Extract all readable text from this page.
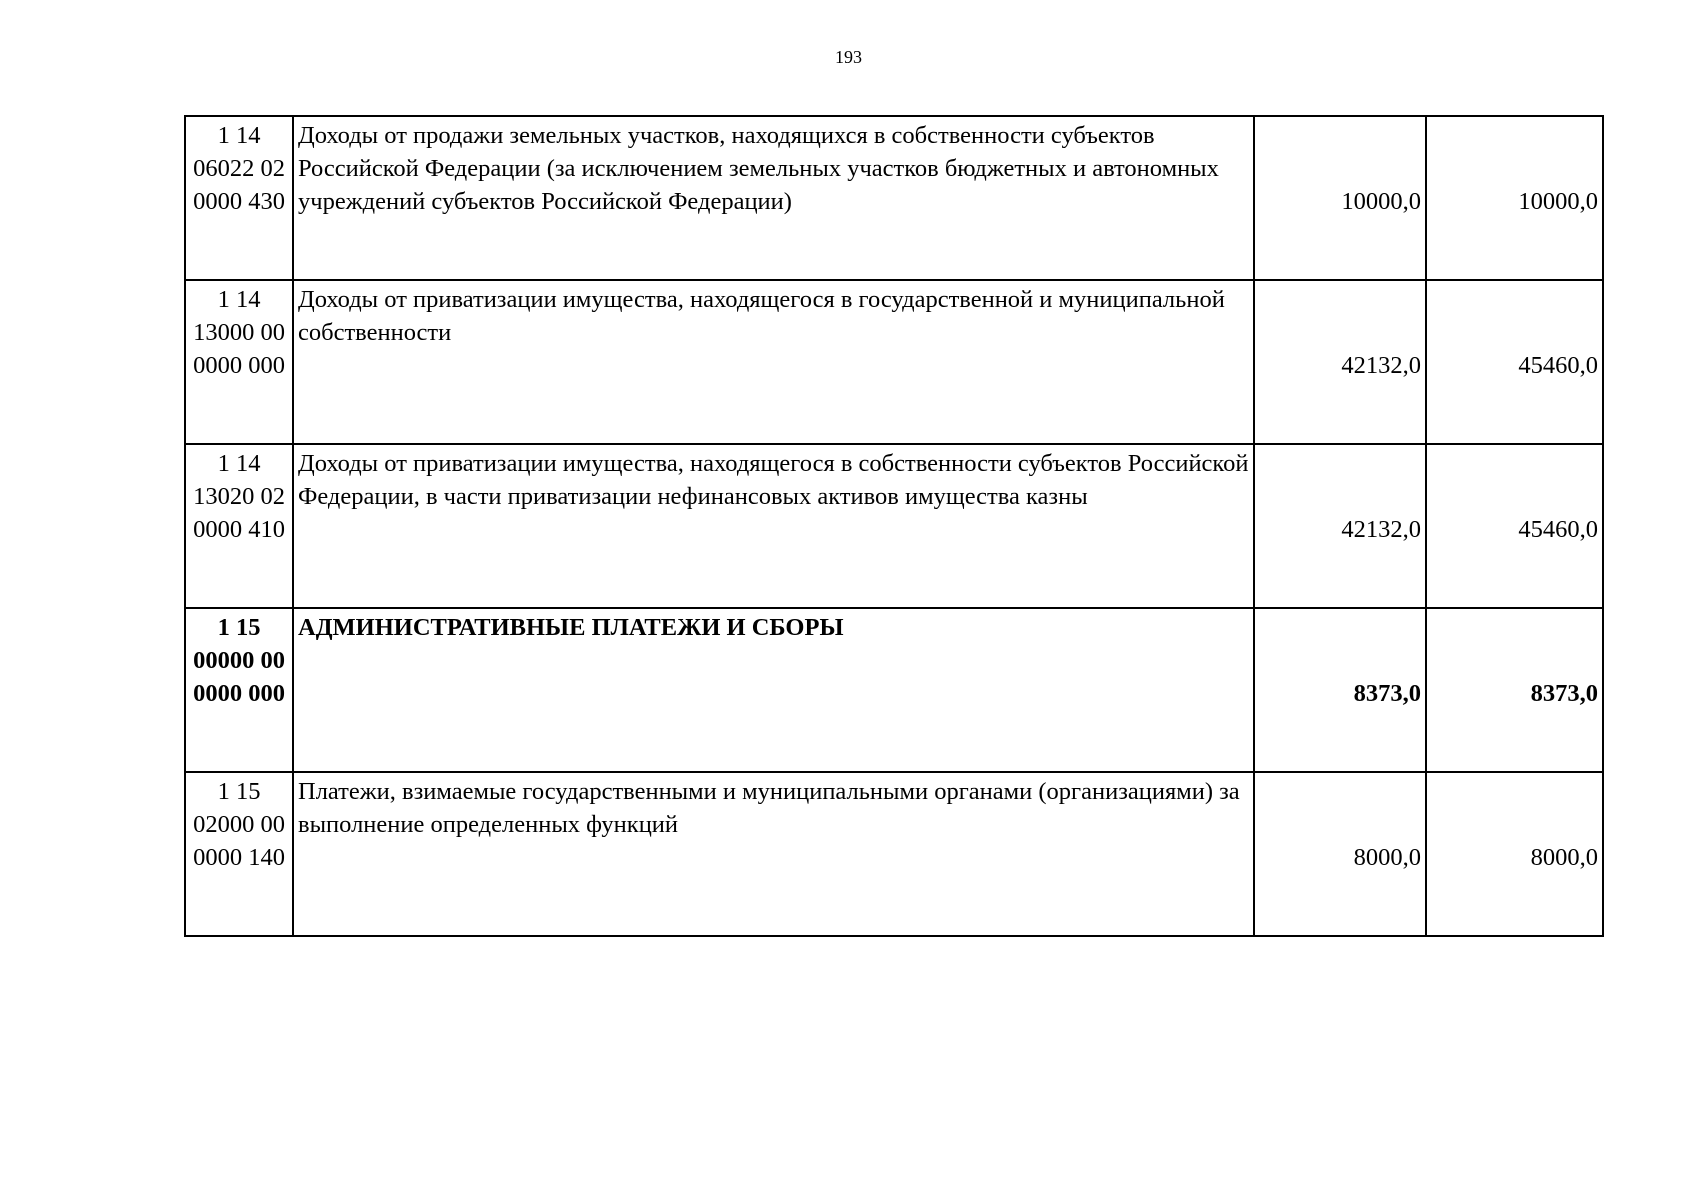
193
1 14
06022 02
0000 430	Доходы от продажи земельных участков, находящихся в собственности субъектов Российской Федерации (за исключением земельных участков бюджетных и автономных учреждений субъектов Российской Федерации)	10000,0	10000,0
1 14
13000 00
0000 000	Доходы от приватизации имущества, находящегося в государственной и муниципальной собственности	42132,0	45460,0
1 14
13020 02
0000 410	Доходы от приватизации имущества, находящегося в собственности субъектов Российской Федерации, в части приватизации нефинансовых активов имущества казны	42132,0	45460,0
1 15
00000 00
0000 000	АДМИНИСТРАТИВНЫЕ ПЛАТЕЖИ И СБОРЫ	8373,0	8373,0
1 15
02000 00
0000 140	Платежи, взимаемые государственными и муниципальными органами (организациями) за выполнение определенных функций	8000,0	8000,0
